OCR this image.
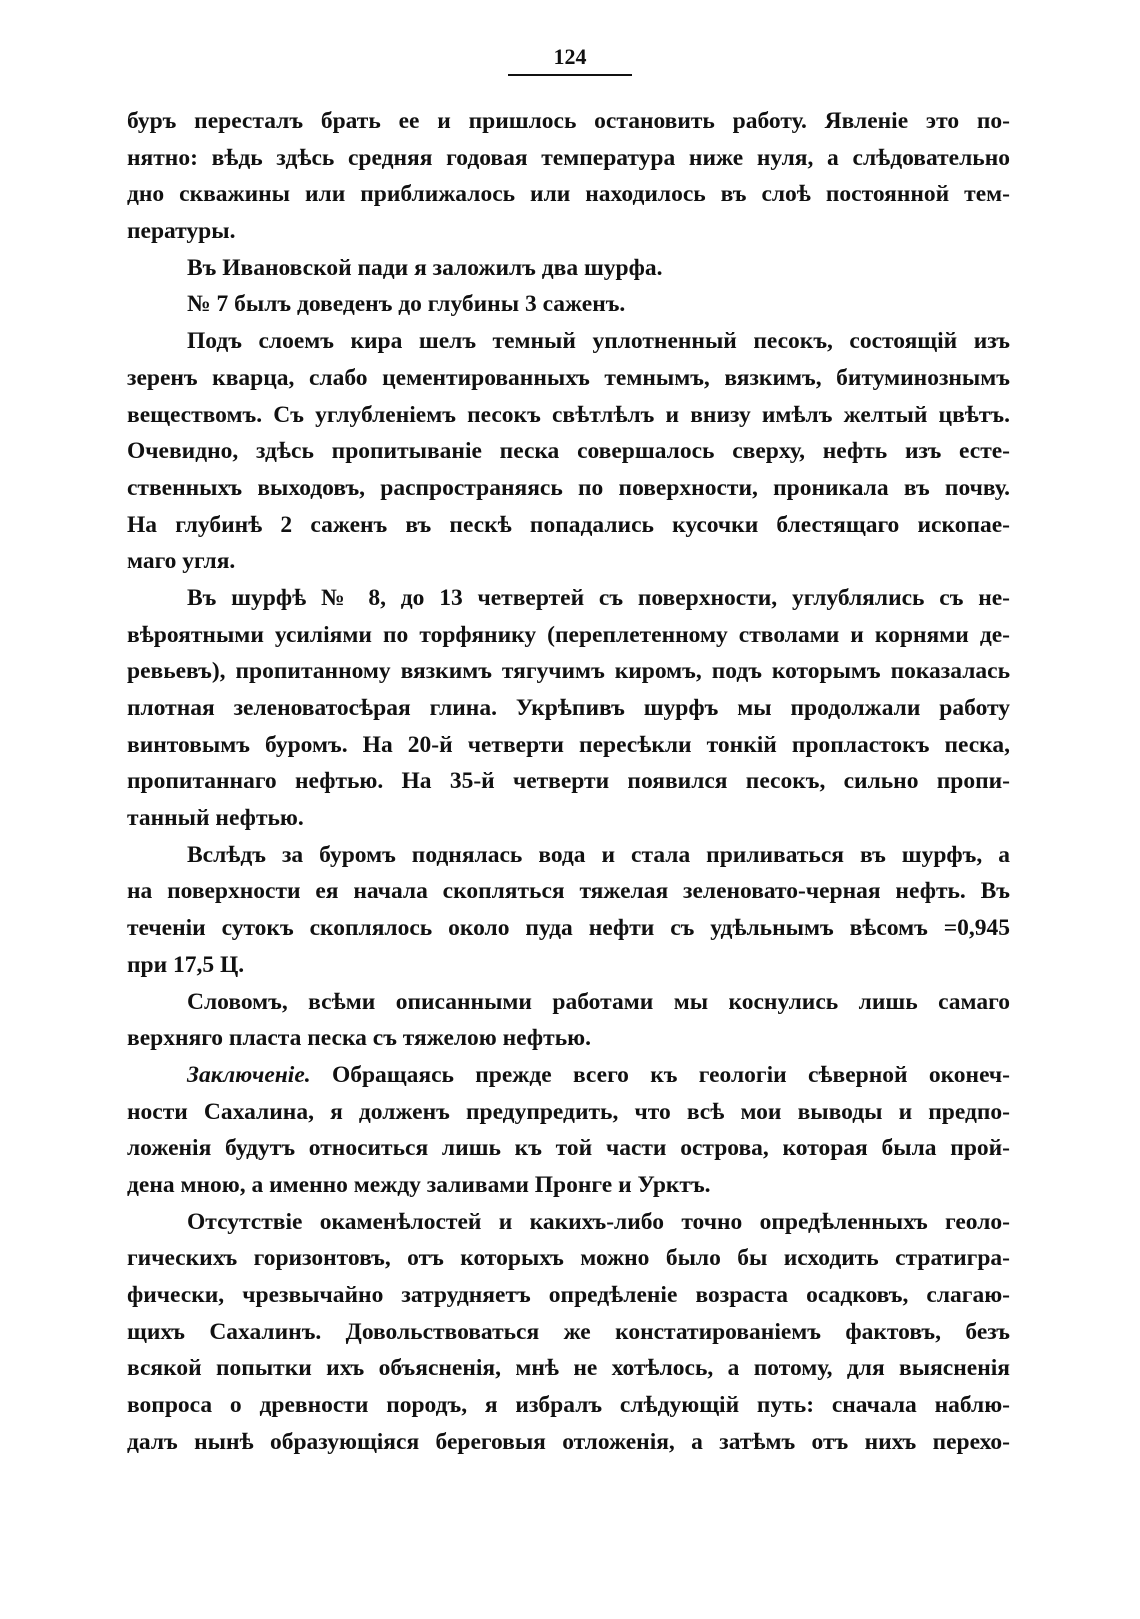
124
буръ пересталъ брать ее и пришлось остановить работу. Явленіе это по-
нятно: вѣдь здѣсь средняя годовая температура ниже нуля, а слѣдовательно
дно скважины или приближалось или находилось въ слоѣ постоянной тем-
пературы.
Въ Ивановской пади я заложилъ два шурфа.
№ 7 былъ доведенъ до глубины 3 саженъ.
Подъ слоемъ кира шелъ темный уплотненный песокъ, состоящій изъ
зеренъ кварца, слабо цементированныхъ темнымъ, вязкимъ, битуминознымъ
веществомъ. Съ углубленіемъ песокъ свѣтлѣлъ и внизу имѣлъ желтый цвѣтъ.
Очевидно, здѣсь пропитываніе песка совершалось сверху, нефть изъ есте-
ственныхъ выходовъ, распространяясь по поверхности, проникала въ почву.
На глубинѣ 2 саженъ въ пескѣ попадались кусочки блестящаго ископае-
маго угля.
Въ шурфѣ № 8, до 13 четвертей съ поверхности, углублялись съ не-
вѣроятными усиліями по торфянику (переплетенному стволами и корнями де-
ревьевъ), пропитанному вязкимъ тягучимъ киромъ, подъ которымъ показалась
плотная зеленоватосѣрая глина. Укрѣпивъ шурфъ мы продолжали работу
винтовымъ буромъ. На 20-й четверти пересѣкли тонкій пропластокъ песка,
пропитаннаго нефтью. На 35-й четверти появился песокъ, сильно пропи-
танный нефтью.
Вслѣдъ за буромъ поднялась вода и стала приливаться въ шурфъ, а
на поверхности ея начала скопляться тяжелая зеленовато-черная нефть. Въ
теченіи сутокъ скоплялось около пуда нефти съ удѣльнымъ вѣсомъ =0,945
при 17,5 Ц.
Словомъ, всѣми описанными работами мы коснулись лишь самаго
верхняго пласта песка съ тяжелою нефтью.
Заключеніе. Обращаясь прежде всего къ геологіи сѣверной оконеч-
ности Сахалина, я долженъ предупредить, что всѣ мои выводы и предпо-
ложенія будутъ относиться лишь къ той части острова, которая была прой-
дена мною, а именно между заливами Пронге и Урктъ.
Отсутствіе окаменѣлостей и какихъ-либо точно опредѣленныхъ геоло-
гическихъ горизонтовъ, отъ которыхъ можно было бы исходить стратигра-
фически, чрезвычайно затрудняетъ опредѣленіе возраста осадковъ, слагаю-
щихъ Сахалинъ. Довольствоваться же констатированіемъ фактовъ, безъ
всякой попытки ихъ объясненія, мнѣ не хотѣлось, а потому, для выясненія
вопроса о древности породъ, я избралъ слѣдующій путь: сначала наблю-
далъ нынѣ образующіяся береговыя отложенія, а затѣмъ отъ нихъ перехо-
